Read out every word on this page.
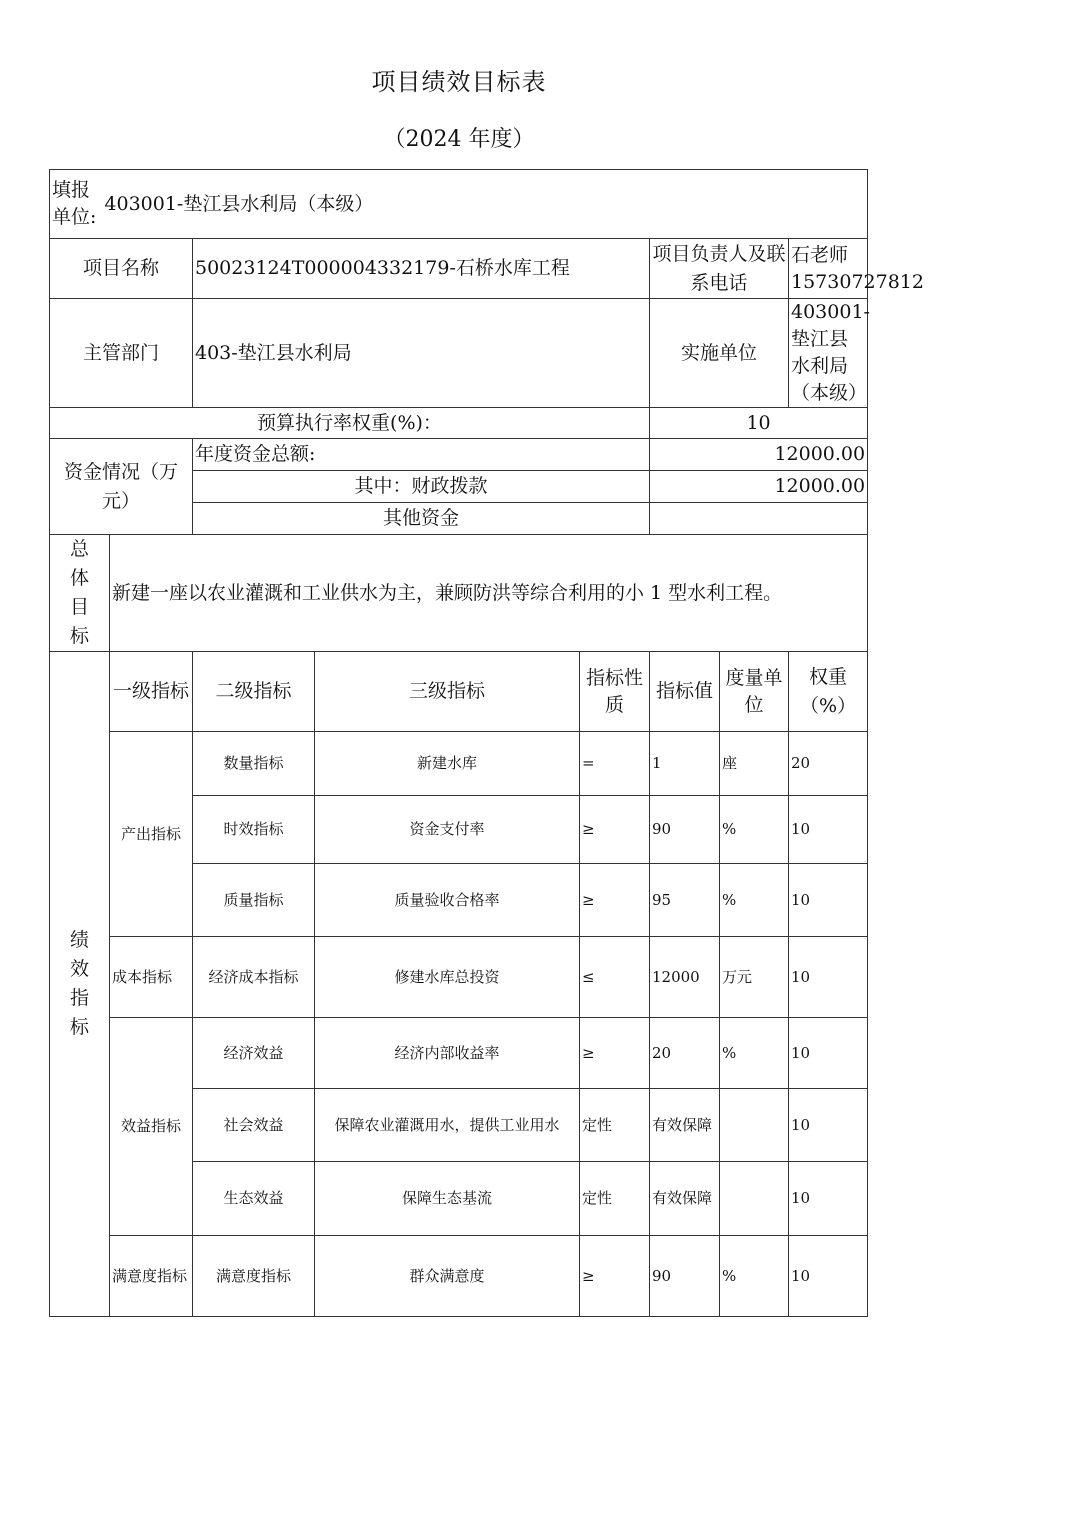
项目绩效目标表
（2024 年度）
填报
单位:
403001-垫江县水利局（本级）							

项目名称		50023124T000004332179-石桥水库工程			项目负责人及联系电话		石老师
15730727812

主管部门		403-垫江县水利局			实施单位		403001-垫江县水利局（本级）
预算执行率权重(%)：					10		
资金情况（万元）		年度资金总额:			12000.00		
		其中：财政拨款			12000.00		
		其他资金					

总
体
目
标	新建一座以农业灌溉和工业供水为主，兼顾防洪等综合利用的小 1 型水利工程。						

绩
效
指
标	一级指标	二级指标	三级指标	指标性质	指标值	度量单位	权重（%）
	产出指标	数量指标	新建水库	=	1	座	20
		时效指标	资金支付率	≥	90	%	10
		质量指标	质量验收合格率	≥	95	%	10
	成本指标	经济成本指标	修建水库总投资	≤	12000	万元	10
	效益指标	经济效益	经济内部收益率	≥	20	%	10
		社会效益	保障农业灌溉用水，提供工业用水	定性	有效保障		10
		生态效益	保障生态基流	定性	有效保障		10
	满意度指标	满意度指标	群众满意度	≥	90	%	10
